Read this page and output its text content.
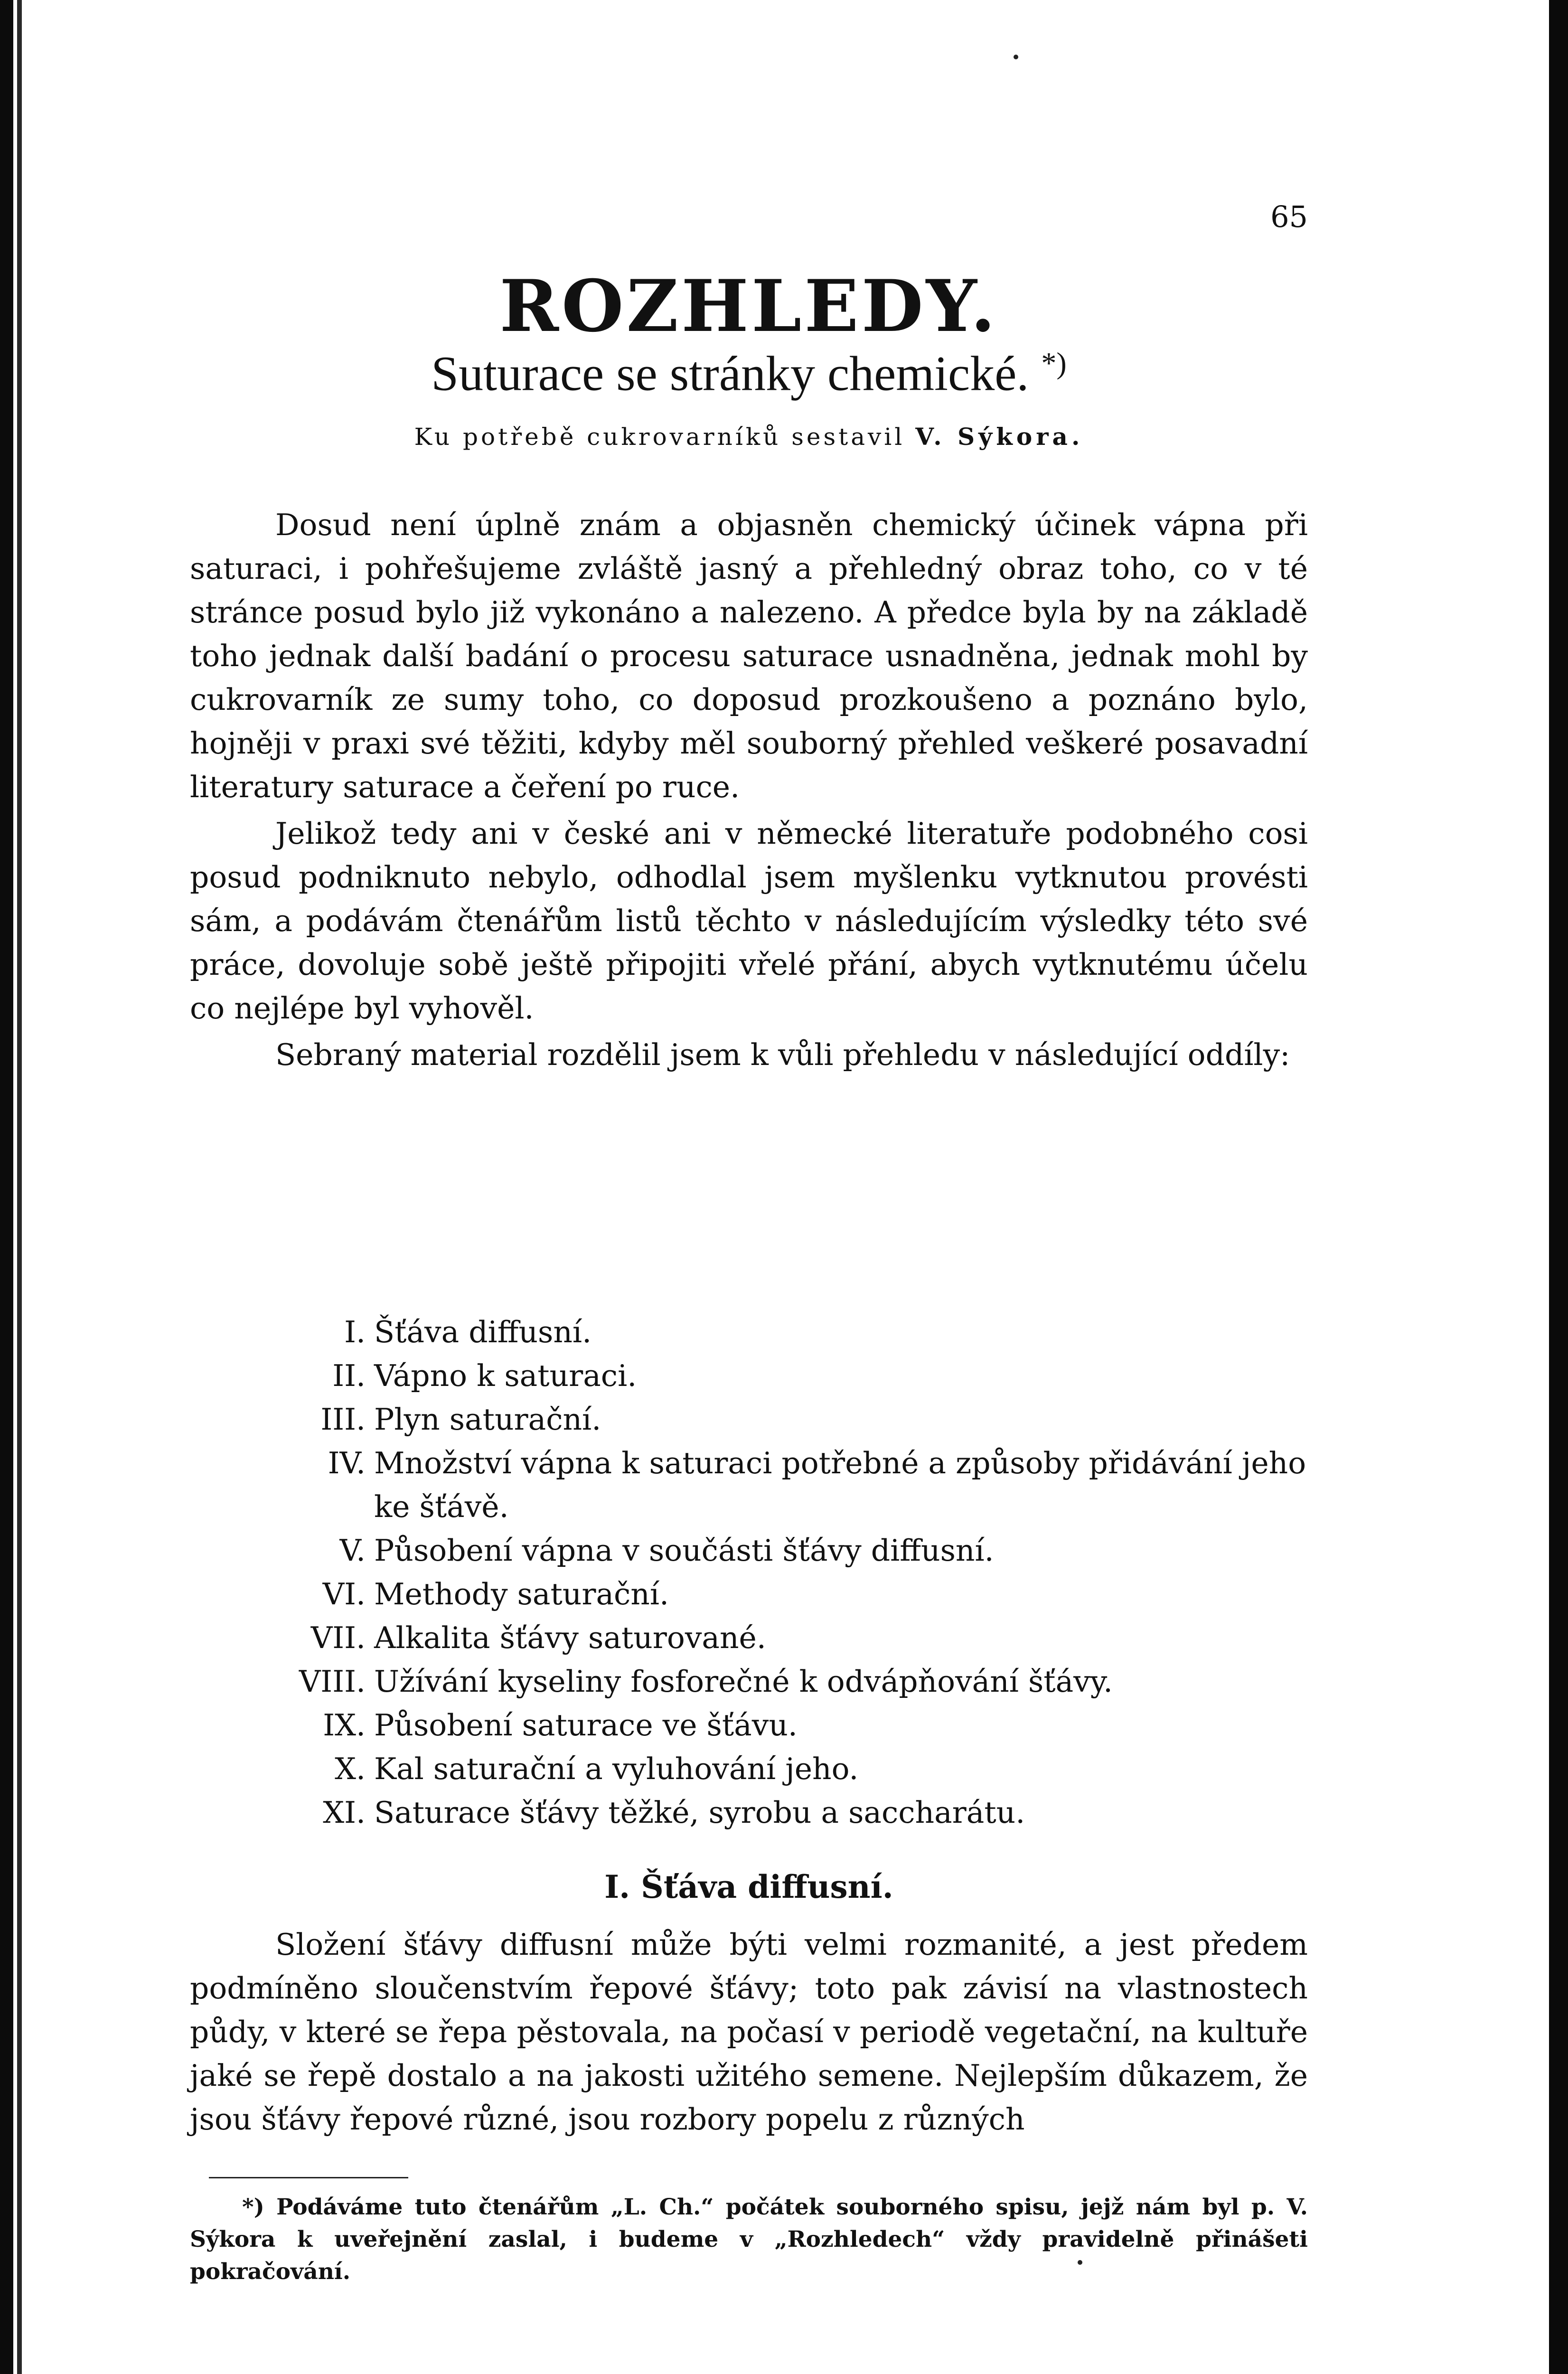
65
ROZHLEDY.
Suturace se stránky chemické. *)
Ku potřebě cukrovarníků sestavil V. Sýkora.

Dosud není úplně znám a objasněn chemický účinek vápna při saturaci, i pohřešujeme zvláště jasný a přehledný obraz toho, co v té stránce posud bylo již vykonáno a nalezeno. A předce byla by na základě toho jednak další badání o procesu saturace usnadněna, jednak mohl by cukrovarník ze sumy toho, co doposud prozkoušeno a poznáno bylo, hojněji v praxi své těžiti, kdyby měl souborný přehled veškeré posavadní literatury saturace a čeření po ruce.

Jelikož tedy ani v české ani v německé literatuře podobného cosi posud podniknuto nebylo, odhodlal jsem myšlenku vytknutou provésti sám, a podávám čtenářům listů těchto v následujícím výsledky této své práce, dovoluje sobě ještě připojiti vřelé přání, abych vytknutému účelu co nejlépe byl vyhověl.

Sebraný material rozdělil jsem k vůli přehledu v následující oddíly:

I. Šťáva diffusní.
II. Vápno k saturaci.
III. Plyn saturační.
IV. Množství vápna k saturaci potřebné a způsoby přidávání jeho ke šťávě.
V. Působení vápna v součásti šťávy diffusní.
VI. Methody saturační.
VII. Alkalita šťávy saturované.
VIII. Užívání kyseliny fosforečné k odvápňování šťávy.
IX. Působení saturace ve šťávu.
X. Kal saturační a vyluhování jeho.
XI. Saturace šťávy těžké, syrobu a saccharátu.
I. Šťáva diffusní.

Složení šťávy diffusní může býti velmi rozmanité, a jest předem podmíněno sloučenstvím řepové šťávy; toto pak závisí na vlastnostech půdy, v které se řepa pěstovala, na počasí v periodě vegetační, na kultuře jaké se řepě dostalo a na jakosti užitého semene. Nejlepším důkazem, že jsou šťávy řepové různé, jsou rozbory popelu z různých

*) Podáváme tuto čtenářům „L. Ch.“ počátek souborného spisu, jejž nám byl p. V. Sýkora k uveřejnění zaslal, i budeme v „Rozhledech“ vždy pravidelně přinášeti pokračování.
